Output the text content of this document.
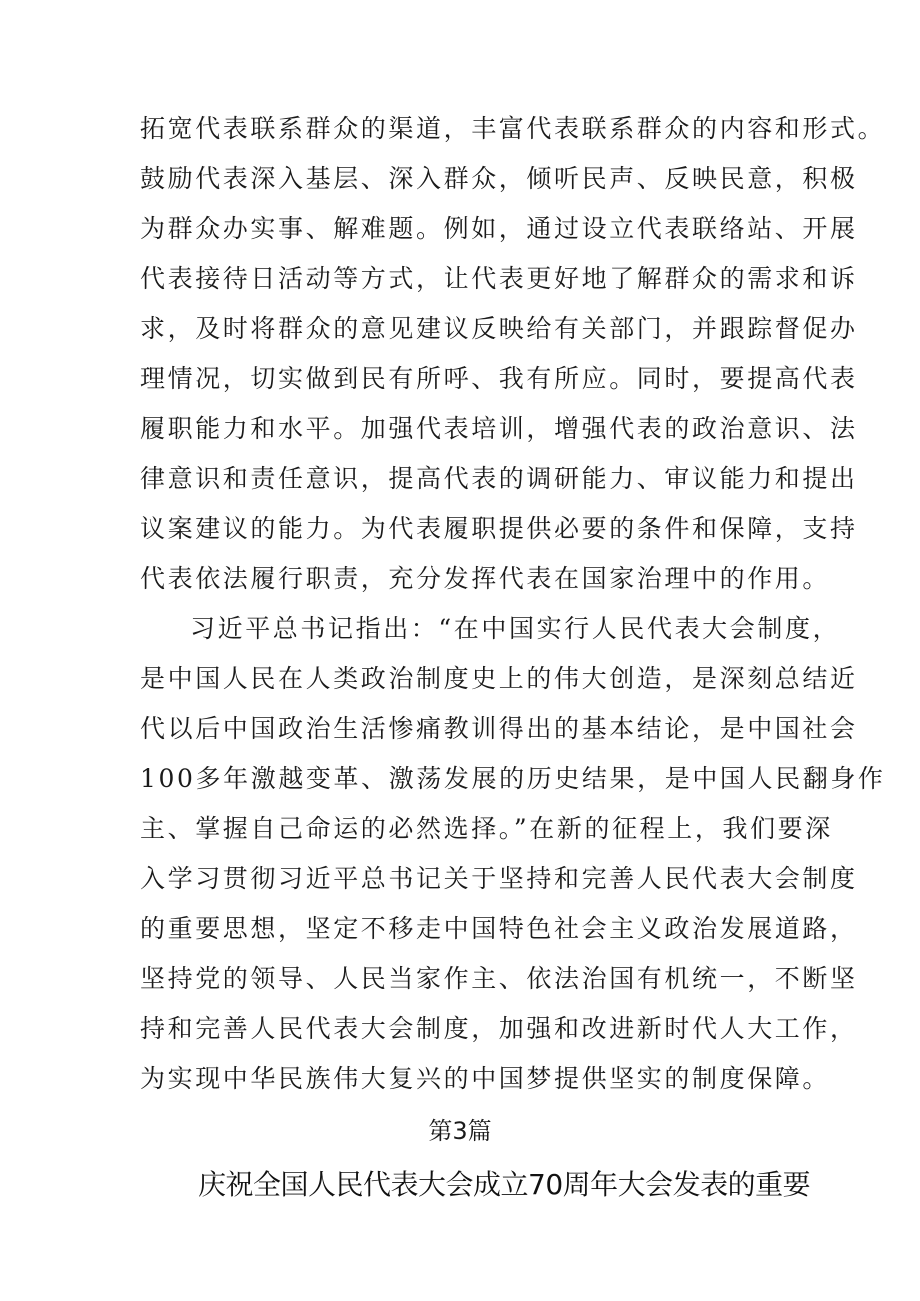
拓宽代表联系群众的渠道，丰富代表联系群众的内容和形式。
鼓励代表深入基层、深入群众，倾听民声、反映民意，积极
为群众办实事、解难题。例如，通过设立代表联络站、开展
代表接待日活动等方式，让代表更好地了解群众的需求和诉
求，及时将群众的意见建议反映给有关部门，并跟踪督促办
理情况，切实做到民有所呼、我有所应。同时，要提高代表
履职能力和水平。加强代表培训，增强代表的政治意识、法
律意识和责任意识，提高代表的调研能力、审议能力和提出
议案建议的能力。为代表履职提供必要的条件和保障，支持
代表依法履行职责，充分发挥代表在国家治理中的作用。
习近平总书记指出：“在中国实行人民代表大会制度，
是中国人民在人类政治制度史上的伟大创造，是深刻总结近
代以后中国政治生活惨痛教训得出的基本结论，是中国社会
100多年激越变革、激荡发展的历史结果，是中国人民翻身作
主、掌握自己命运的必然选择。”在新的征程上，我们要深
入学习贯彻习近平总书记关于坚持和完善人民代表大会制度
的重要思想，坚定不移走中国特色社会主义政治发展道路，
坚持党的领导、人民当家作主、依法治国有机统一，不断坚
持和完善人民代表大会制度，加强和改进新时代人大工作，
为实现中华民族伟大复兴的中国梦提供坚实的制度保障。
第3篇
庆祝全国人民代表大会成立70周年大会发表的重要
